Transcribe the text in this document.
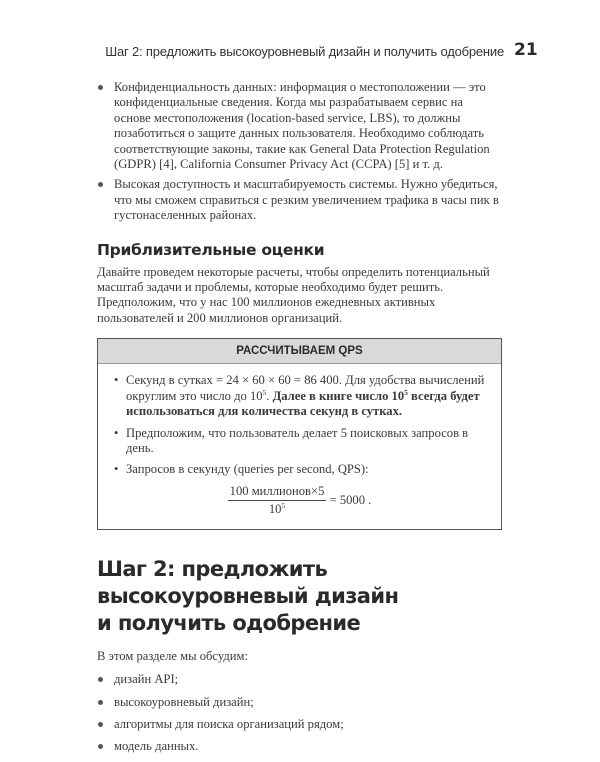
Шаг 2: предложить высокоуровневый дизайн и получить одобрение 21
Конфиденциальность данных: информация о местоположении — это конфиденциальные сведения. Когда мы разрабатываем сервис на основе местоположения (location-based service, LBS), то должны позаботиться о защите данных пользователя. Необходимо соблюдать соответствующие законы, такие как General Data Protection Regulation (GDPR) [4], California Consumer Privacy Act (CCPA) [5] и т. д.
Высокая доступность и масштабируемость системы. Нужно убедиться, что мы сможем справиться с резким увеличением трафика в часы пик в густонаселенных районах.
Приблизительные оценки

Давайте проведем некоторые расчеты, чтобы определить потенциальный масштаб задачи и проблемы, которые необходимо будет решить. Предположим, что у нас 100 миллионов ежедневных активных пользователей и 200 миллионов организаций.

РАССЧИТЫВАЕМ QPS
• Секунд в сутках = 24 × 60 × 60 = 86 400. Для удобства вычислений округлим это число до $10^5$. Далее в книге число $10^5$ всегда будет использоваться для количества секунд в сутках.
• Предположим, что пользователь делает 5 поисковых запросов в день.
• Запросов в секунду (queries per second, QPS):
$\frac{\text{100 миллионов×5}}{10^5} = 5000$ .
Шаг 2: предложить высокоуровневый дизайн
и получить одобрение

В этом разделе мы обсудим:

дизайн API;
высокоуровневый дизайн;
алгоритмы для поиска организаций рядом;
модель данных.
